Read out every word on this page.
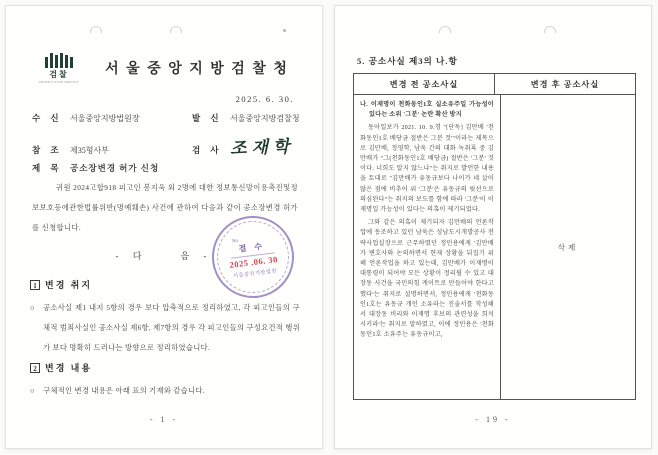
검찰
PROSECUTION SERVICE
서 울 중 앙 지 방 검 찰 청
2025. 6. 30.
수 신 서울중앙지방법원장	발 신 서울중앙지방검찰청
참 조 제35형사부	검 사 조재학
제 목 공소장변경 허가 신청
귀원 2024고합918 피고인 봉지욱 외 2명에 대한 정보통신망이용촉진및정보보호등에관한법률위반(명예훼손) 사건에 관하여 다음과 같이 공소장변경 허가를 신청합니다.
- 다    음 -
No.
접 수
2025 .06. 30
서울중앙지방법원
1 변경 취지
○	공소사실 제1 내지 5항의 경우 보다 압축적으로 정리하였고, 각 피고인들의 구체적 범죄사실인 공소사실 제6항, 제7항의 경우 각 피고인들의 구성요건적 행위가 보다 명확히 드러나는 방향으로 정리하였습니다.
2 변경 내용
○	구체적인 변경 내용은 아래 표의 기재와 같습니다.
- 1 -
5. 공소사실 제3의 나.항
변경 전 공소사실	변경 후 공소사실
나. 이재명이 천화동인1호 실소유주일 가능성이 있다는 소위 '그분' 논란 확산 방지
동아일보가 2021. 10. 9.경 "[단독] 김만배 '천화동인1호 배당금 절반은 그분 것'"이라는 제목으로 김만배, 정영학, 남욱 간의 대화 녹취록 중 김만배가 "그(천화동인1호 배당금) 절반은 '그분' 것이다. 너희도 알지 않느냐"는 취지로 발언한 내용을 토대로 "김만배가 유동규보다 나이가 네 살이 많은 점에 비추어 위 '그분'은 유동규의 윗선으로 의심된다"는 취지의 보도를 함에 따라 '그분'이 이재명일 가능성이 있다는 의혹이 제기되었다.
그와 같은 의혹이 제기되자 김만배의 언론작업에 동조하고 있던 남욱은 성남도시개발공사 전략사업실장으로 근무하였던 정민용에게 '김만배가 변호사와 논의하면서 현재 상황을 뒤집기 위해 언론작업을 하고 있는데, 김만배가 이재명이 대통령이 되어야 모든 상황이 정리될 수 있고 대장동 사건을 국민의힘 게이트로 만들어야 한다고 했다'는 취지로 설명하면서, 정민용에게 '천화동인1호는 유동규 개인 소유라는 진술서를 작성해서 대장동 비리와 이재명 후보의 관련성을 희석시키라'는 취지로 말하였고, 이에 정민용은 '천화동인1호 소유주는 유동규이고,
삭제
- 19 -
